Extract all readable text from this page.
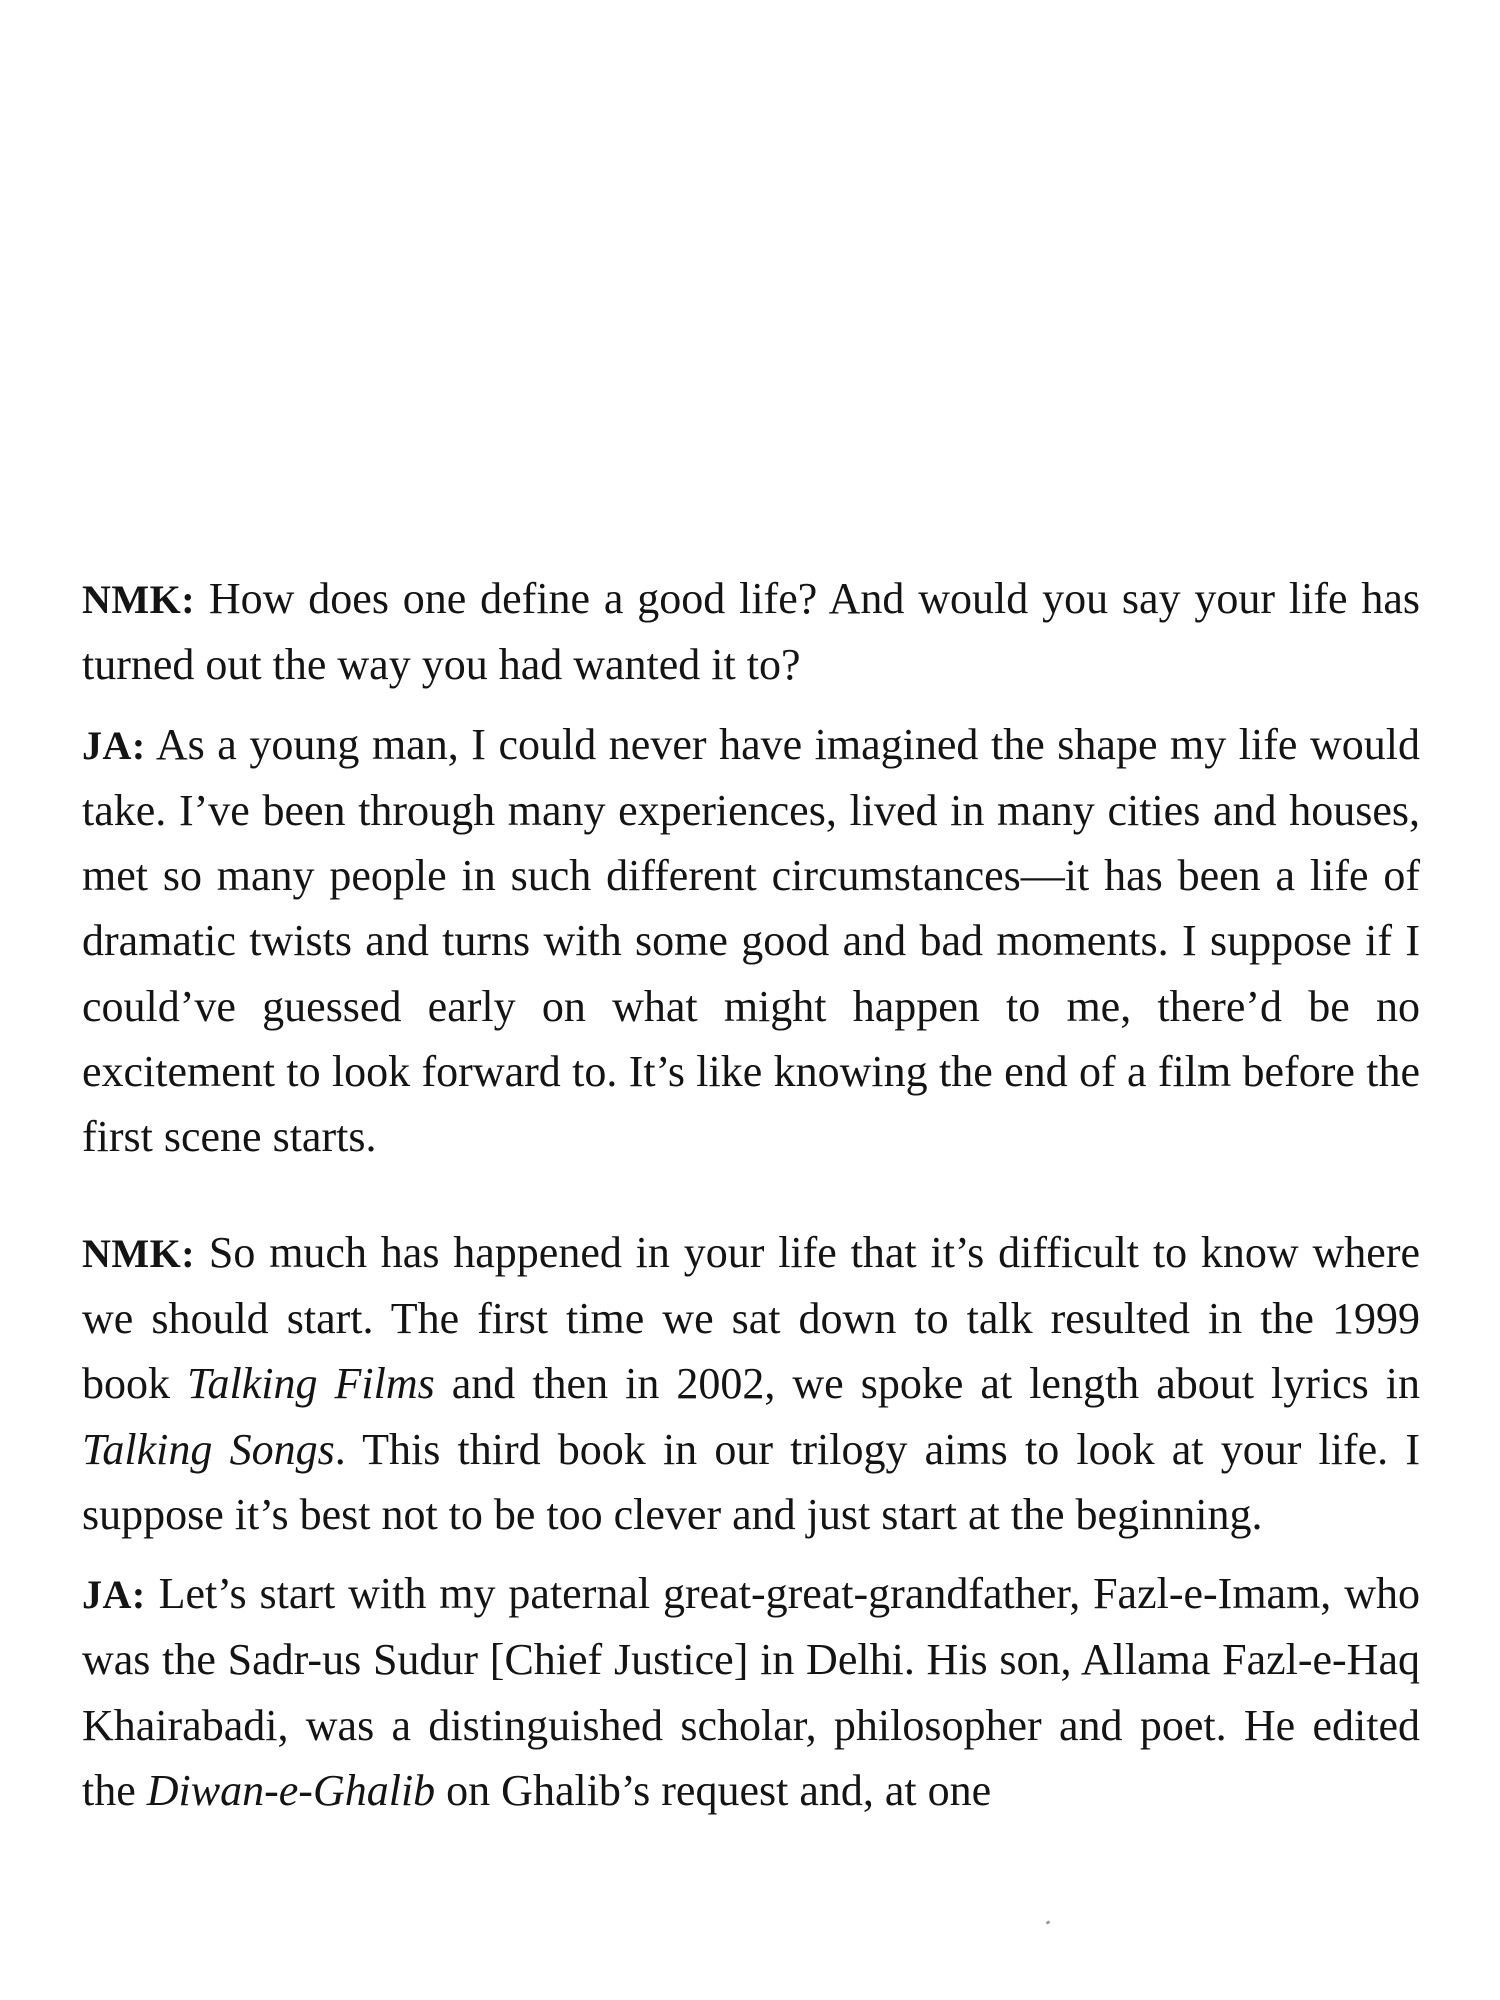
NMK: How does one define a good life? And would you say your life has turned out the way you had wanted it to?

JA: As a young man, I could never have imagined the shape my life would take. I’ve been through many experiences, lived in many cities and houses, met so many people in such different circumstances—it has been a life of dramatic twists and turns with some good and bad moments. I suppose if I could’ve guessed early on what might happen to me, there’d be no excitement to look forward to. It’s like knowing the end of a film before the first scene starts.

NMK: So much has happened in your life that it’s difficult to know where we should start. The first time we sat down to talk resulted in the 1999 book Talking Films and then in 2002, we spoke at length about lyrics in Talking Songs. This third book in our trilogy aims to look at your life. I suppose it’s best not to be too clever and just start at the beginning.

JA: Let’s start with my paternal great-great-grandfather, Fazl-e-Imam, who was the Sadr-us Sudur [Chief Justice] in Delhi. His son, Allama Fazl-e-Haq Khairabadi, was a distinguished scholar, philosopher and poet. He edited the Diwan-e-Ghalib on Ghalib’s request and, at one
